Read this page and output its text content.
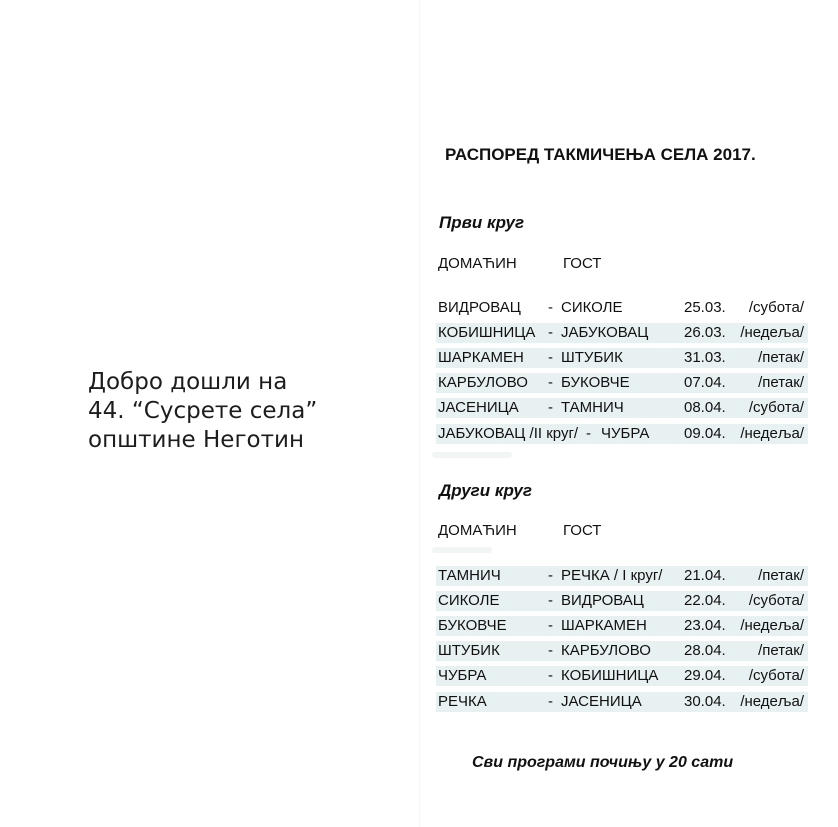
Добро дошли на
44. “Сусрете села”
општине Неготин
РАСПОРЕД ТАКМИЧЕЊА СЕЛА 2017.
Први круг
ДОМАЋИН	ГОСТ
ВИДРОВАЦ - СИКОЛЕ	25.03. /субота/
КОБИШНИЦА - ЈАБУКОВАЦ 26.03. /недеља/
ШАРКАМЕН - ШТУБИК	31.03. /петак/
КАРБУЛОВО - БУКОВЧЕ	07.04. /петак/
ЈАСЕНИЦА - ТАМНИЧ	08.04. /субота/
ЈАБУКОВАЦ /II круг/ - ЧУБРА 09.04. /недеља/
Други круг
ДОМАЋИН	ГОСТ
ТАМНИЧ	- РЕЧКА / I круг/ 21.04. /петак/
СИКОЛЕ	- ВИДРОВАЦ	22.04. /субота/
БУКОВЧЕ	- ШАРКАМЕН 23.04. /недеља/
ШТУБИК	- КАРБУЛОВО 28.04. /петак/
ЧУБРА	- КОБИШНИЦА 29.04. /субота/
РЕЧКА	- ЈАСЕНИЦА	30.04. /недеља/
Сви програми почињу у 20 сати
